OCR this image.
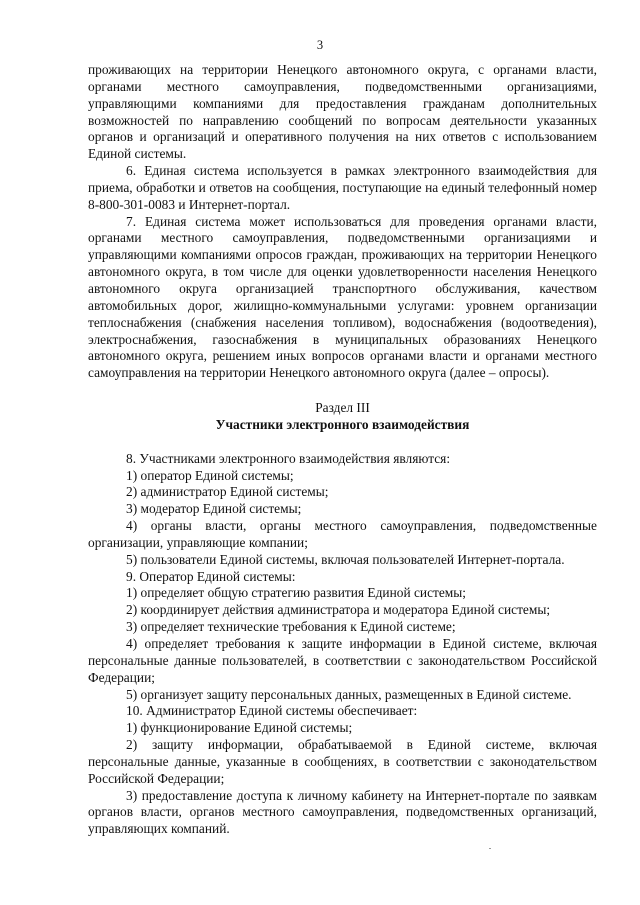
3

проживающих на территории Ненецкого автономного округа, с органами власти, органами местного самоуправления, подведомственными организациями, управляющими компаниями для предоставления гражданам дополнительных возможностей по направлению сообщений по вопросам деятельности указанных органов и организаций и оперативного получения на них ответов с использованием Единой системы.

6. Единая система используется в рамках электронного взаимодействия для приема, обработки и ответов на сообщения, поступающие на единый телефонный номер 8-800-301-0083 и Интернет-портал.

7. Единая система может использоваться для проведения органами власти, органами местного самоуправления, подведомственными организациями и управляющими компаниями опросов граждан, проживающих на территории Ненецкого автономного округа, в том числе для оценки удовлетворенности населения Ненецкого автономного округа организацией транспортного обслуживания, качеством автомобильных дорог, жилищно-коммунальными услугами: уровнем организации теплоснабжения (снабжения населения топливом), водоснабжения (водоотведения), электроснабжения, газоснабжения в муниципальных образованиях Ненецкого автономного округа, решением иных вопросов органами власти и органами местного самоуправления на территории Ненецкого автономного округа (далее – опросы).

Раздел III

Участники электронного взаимодействия

8. Участниками электронного взаимодействия являются:

1) оператор Единой системы;

2) администратор Единой системы;

3) модератор Единой системы;

4) органы власти, органы местного самоуправления, подведомственные организации, управляющие компании;

5) пользователи Единой системы, включая пользователей Интернет-портала.

9. Оператор Единой системы:

1) определяет общую стратегию развития Единой системы;

2) координирует действия администратора и модератора Единой системы;

3) определяет технические требования к Единой системе;

4) определяет требования к защите информации в Единой системе, включая персональные данные пользователей, в соответствии с законодательством Российской Федерации;

5) организует защиту персональных данных, размещенных в Единой системе.

10. Администратор Единой системы обеспечивает:

1) функционирование Единой системы;

2) защиту информации, обрабатываемой в Единой системе, включая персональные данные, указанные в сообщениях, в соответствии с законодательством Российской Федерации;

3) предоставление доступа к личному кабинету на Интернет-портале по заявкам органов власти, органов местного самоуправления, подведомственных организаций, управляющих компаний.
